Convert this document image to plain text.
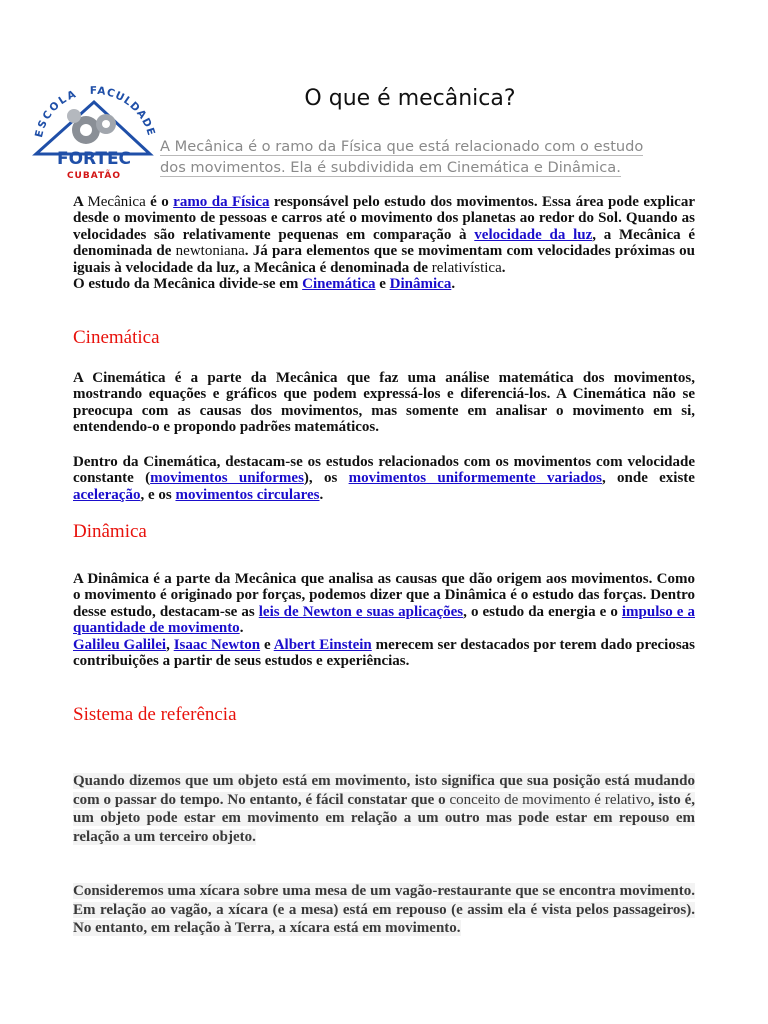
ESCOLA FACULDADE
FORTEC
CUBATÃO
O que é mecânica?
A Mecânica é o ramo da Física que está relacionado com o estudo
dos movimentos. Ela é subdividida em Cinemática e Dinâmica.
A Mecânica é o ramo da Física responsável pelo estudo dos movimentos. Essa área pode explicar desde o movimento de pessoas e carros até o movimento dos planetas ao redor do Sol. Quando as velocidades são relativamente pequenas em comparação à velocidade da luz, a Mecânica é denominada de newtoniana. Já para elementos que se movimentam com velocidades próximas ou iguais à velocidade da luz, a Mecânica é denominada de relativística.
O estudo da Mecânica divide-se em Cinemática e Dinâmica.
Cinemática
A Cinemática é a parte da Mecânica que faz uma análise matemática dos movimentos, mostrando equações e gráficos que podem expressá-los e diferenciá-los. A Cinemática não se preocupa com as causas dos movimentos, mas somente em analisar o movimento em si, entendendo-o e propondo padrões matemáticos.
Dentro da Cinemática, destacam-se os estudos relacionados com os movimentos com velocidade constante (movimentos uniformes), os movimentos uniformemente variados, onde existe aceleração, e os movimentos circulares.
Dinâmica
A Dinâmica é a parte da Mecânica que analisa as causas que dão origem aos movimentos. Como o movimento é originado por forças, podemos dizer que a Dinâmica é o estudo das forças. Dentro desse estudo, destacam-se as leis de Newton e suas aplicações, o estudo da energia e o impulso e a quantidade de movimento.
Galileu Galilei, Isaac Newton e Albert Einstein merecem ser destacados por terem dado preciosas contribuições a partir de seus estudos e experiências.
Sistema de referência
Quando dizemos que um objeto está em movimento, isto significa que sua posição está mudando com o passar do tempo. No entanto, é fácil constatar que o conceito de movimento é relativo, isto é, um objeto pode estar em movimento em relação a um outro mas pode estar em repouso em relação a um terceiro objeto.
Consideremos uma xícara sobre uma mesa de um vagão-restaurante que se encontra movimento. Em relação ao vagão, a xícara (e a mesa) está em repouso (e assim ela é vista pelos passageiros). No entanto, em relação à Terra, a xícara está em movimento.
